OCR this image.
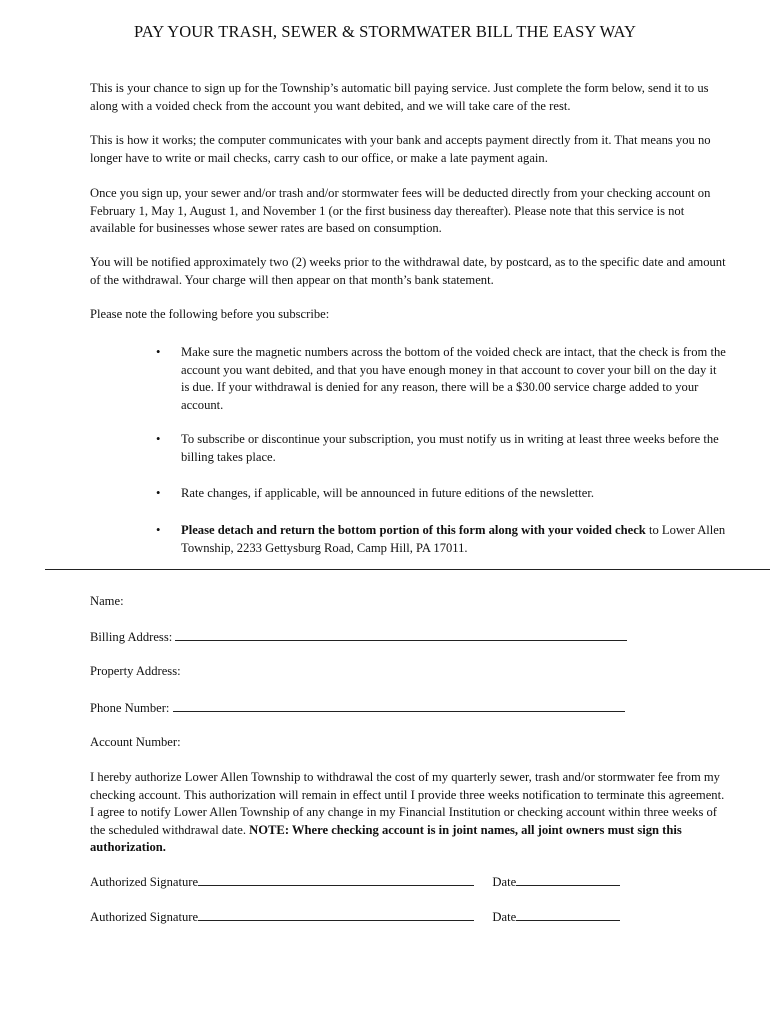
PAY YOUR TRASH, SEWER & STORMWATER BILL THE EASY WAY

This is your chance to sign up for the Township’s automatic bill paying service. Just complete the form below, send it to us along with a voided check from the account you want debited, and we will take care of the rest.

This is how it works; the computer communicates with your bank and accepts payment directly from it. That means you no longer have to write or mail checks, carry cash to our office, or make a late payment again.

Once you sign up, your sewer and/or trash and/or stormwater fees will be deducted directly from your checking account on February 1, May 1, August 1, and November 1 (or the first business day thereafter). Please note that this service is not available for businesses whose sewer rates are based on consumption.

You will be notified approximately two (2) weeks prior to the withdrawal date, by postcard, as to the specific date and amount of the withdrawal. Your charge will then appear on that month’s bank statement.

Please note the following before you subscribe:

•	Make sure the magnetic numbers across the bottom of the voided check are intact, that the check is from the account you want debited, and that you have enough money in that account to cover your bill on the day it is due. If your withdrawal is denied for any reason, there will be a $30.00 service charge added to your account.
•	To subscribe or discontinue your subscription, you must notify us in writing at least three weeks before the billing takes place.
•	Rate changes, if applicable, will be announced in future editions of the newsletter.
•	Please detach and return the bottom portion of this form along with your voided check to Lower Allen Township, 2233 Gettysburg Road, Camp Hill, PA 17011.
Name:
Billing Address:
Property Address:
Phone Number:
Account Number:

I hereby authorize Lower Allen Township to withdrawal the cost of my quarterly sewer, trash and/or stormwater fee from my checking account. This authorization will remain in effect until I provide three weeks notification to terminate this agreement. I agree to notify Lower Allen Township of any change in my Financial Institution or checking account within three weeks of the scheduled withdrawal date. NOTE: Where checking account is in joint names, all joint owners must sign this authorization.

Authorized Signature	Date
Authorized Signature	Date
